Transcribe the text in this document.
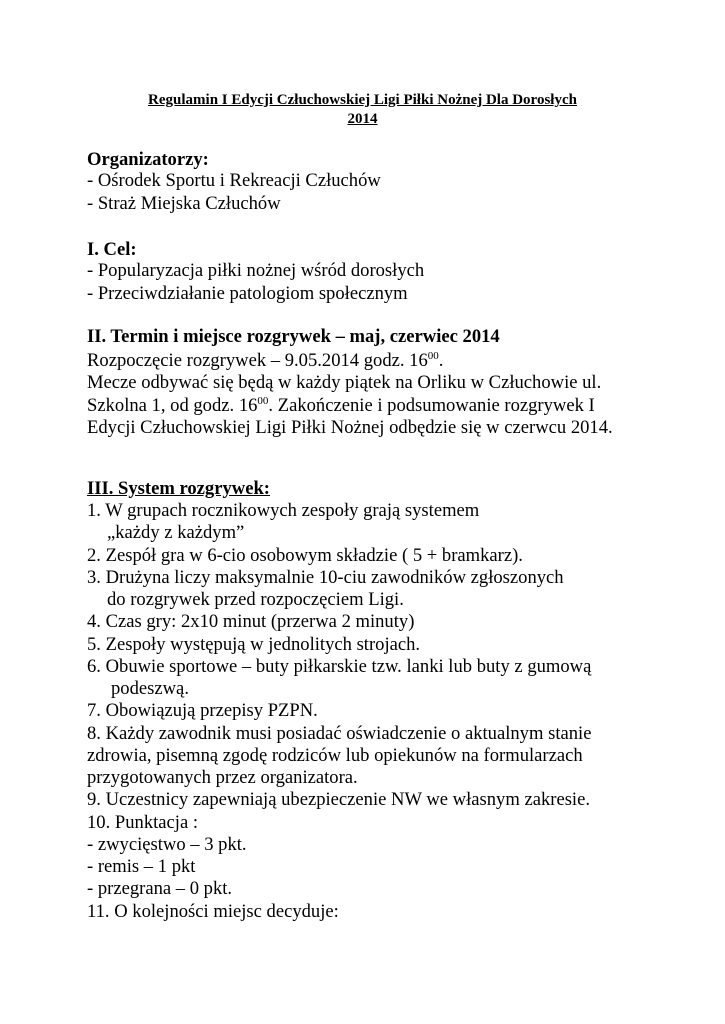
Regulamin I Edycji Człuchowskiej Ligi Piłki Nożnej Dla Dorosłych
2014
Organizatorzy:
- Ośrodek Sportu i Rekreacji Człuchów
- Straż Miejska Człuchów
I. Cel:
- Popularyzacja piłki nożnej wśród dorosłych
- Przeciwdziałanie patologiom społecznym
II. Termin i miejsce rozgrywek – maj, czerwiec 2014
Rozpoczęcie rozgrywek – 9.05.2014 godz. $16^{00}$.
Mecze odbywać się będą w każdy piątek na Orliku w Człuchowie ul.
Szkolna 1, od godz. $16^{00}$. Zakończenie i podsumowanie rozgrywek I
Edycji Człuchowskiej Ligi Piłki Nożnej odbędzie się w czerwcu 2014.
III. System rozgrywek:
1. W grupach rocznikowych zespoły grają systemem
„każdy z każdym”
2. Zespół gra w 6-cio osobowym składzie ( 5 + bramkarz).
3. Drużyna liczy maksymalnie 10-ciu zawodników zgłoszonych
do rozgrywek przed rozpoczęciem Ligi.
4. Czas gry: 2x10 minut (przerwa 2 minuty)
5. Zespoły występują w jednolitych strojach.
6. Obuwie sportowe – buty piłkarskie tzw. lanki lub buty z gumową
podeszwą.
7. Obowiązują przepisy PZPN.
8. Każdy zawodnik musi posiadać oświadczenie o aktualnym stanie
zdrowia, pisemną zgodę rodziców lub opiekunów na formularzach
przygotowanych przez organizatora.
9. Uczestnicy zapewniają ubezpieczenie NW we własnym zakresie.
10. Punktacja :
- zwycięstwo – 3 pkt.
- remis – 1 pkt
- przegrana – 0 pkt.
11. O kolejności miejsc decyduje:
